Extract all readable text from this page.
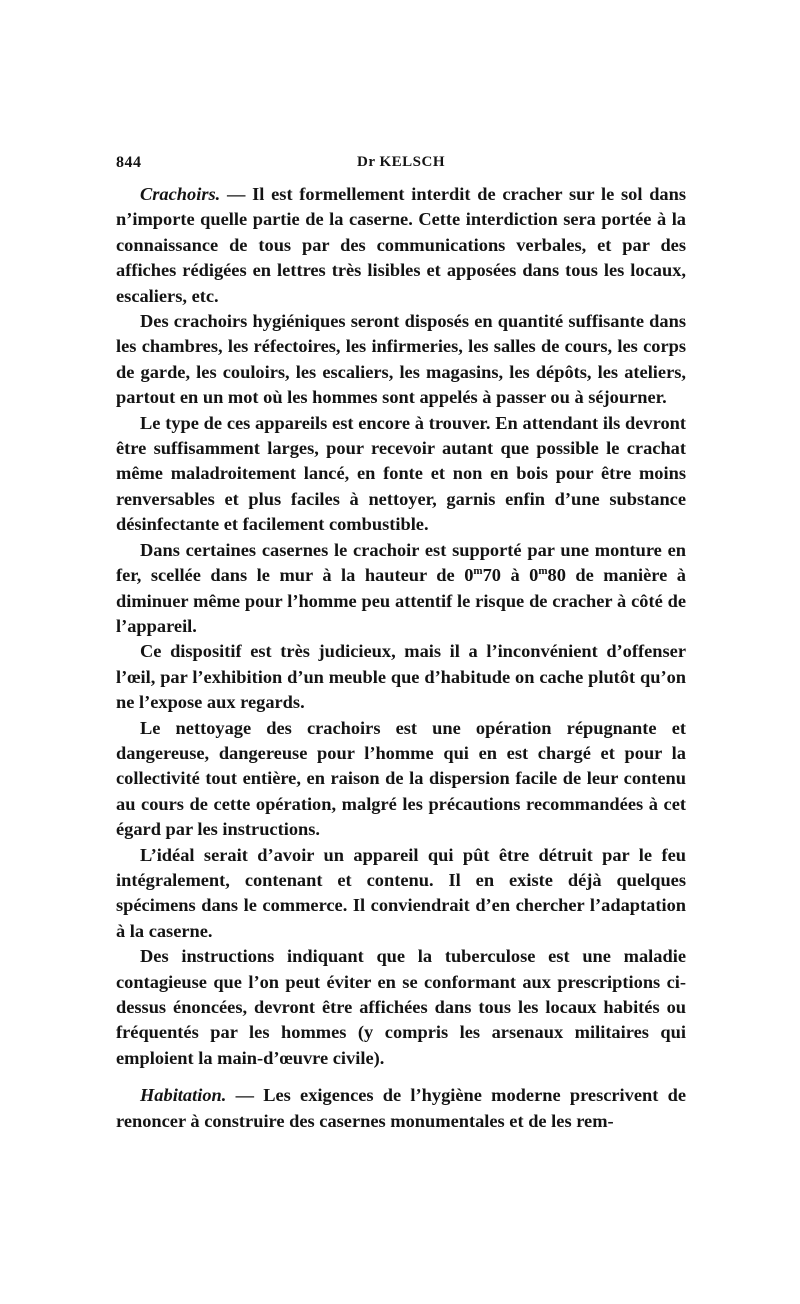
844	Dr KELSCH

Crachoirs. — Il est formellement interdit de cracher sur le sol dans n’importe quelle partie de la caserne. Cette interdiction sera portée à la connaissance de tous par des communications verbales, et par des affiches rédigées en lettres très lisibles et apposées dans tous les locaux, escaliers, etc.

Des crachoirs hygiéniques seront disposés en quantité suffisante dans les chambres, les réfectoires, les infirmeries, les salles de cours, les corps de garde, les couloirs, les escaliers, les magasins, les dépôts, les ateliers, partout en un mot où les hommes sont appelés à passer ou à séjourner.

Le type de ces appareils est encore à trouver. En attendant ils devront être suffisamment larges, pour recevoir autant que possible le crachat même maladroitement lancé, en fonte et non en bois pour être moins renversables et plus faciles à nettoyer, garnis enfin d’une substance désinfectante et facilement combustible.

Dans certaines casernes le crachoir est supporté par une monture en fer, scellée dans le mur à la hauteur de 0$^m$70 à 0$^m$80 de manière à diminuer même pour l’homme peu attentif le risque de cracher à côté de l’appareil.

Ce dispositif est très judicieux, mais il a l’inconvénient d’offenser l’œil, par l’exhibition d’un meuble que d’habitude on cache plutôt qu’on ne l’expose aux regards.

Le nettoyage des crachoirs est une opération répugnante et dangereuse, dangereuse pour l’homme qui en est chargé et pour la collectivité tout entière, en raison de la dispersion facile de leur contenu au cours de cette opération, malgré les précautions recommandées à cet égard par les instructions.

L’idéal serait d’avoir un appareil qui pût être détruit par le feu intégralement, contenant et contenu. Il en existe déjà quelques spécimens dans le commerce. Il conviendrait d’en chercher l’adaptation à la caserne.

Des instructions indiquant que la tuberculose est une maladie contagieuse que l’on peut éviter en se conformant aux prescriptions ci-dessus énoncées, devront être affichées dans tous les locaux habités ou fréquentés par les hommes (y compris les arsenaux militaires qui emploient la main-d’œuvre civile).

Habitation. — Les exigences de l’hygiène moderne prescrivent de renoncer à construire des casernes monumentales et de les rem-
